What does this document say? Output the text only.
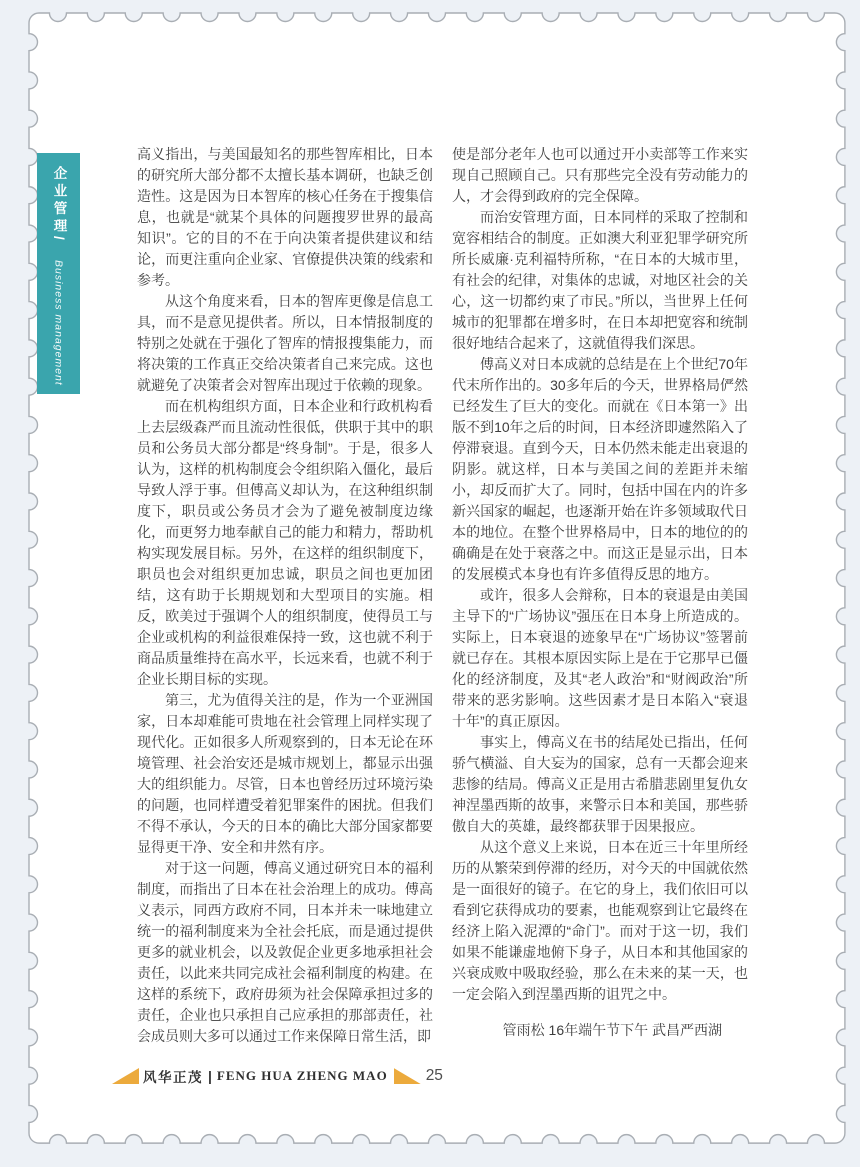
企业管理/ Business management

高义指出，与美国最知名的那些智库相比，日本的研究所大部分都不太擅长基本调研，也缺乏创造性。这是因为日本智库的核心任务在于搜集信息，也就是“就某个具体的问题搜罗世界的最高知识”。它的目的不在于向决策者提供建议和结论，而更注重向企业家、官僚提供决策的线索和参考。

从这个角度来看，日本的智库更像是信息工具，而不是意见提供者。所以，日本情报制度的特别之处就在于强化了智库的情报搜集能力，而将决策的工作真正交给决策者自己来完成。这也就避免了决策者会对智库出现过于依赖的现象。

而在机构组织方面，日本企业和行政机构看上去层级森严而且流动性很低，供职于其中的职员和公务员大部分都是“终身制”。于是，很多人认为，这样的机构制度会令组织陷入僵化，最后导致人浮于事。但傅高义却认为，在这种组织制度下，职员或公务员才会为了避免被制度边缘化，而更努力地奉献自己的能力和精力，帮助机构实现发展目标。另外，在这样的组织制度下，职员也会对组织更加忠诚，职员之间也更加团结，这有助于长期规划和大型项目的实施。相反，欧美过于强调个人的组织制度，使得员工与企业或机构的利益很难保持一致，这也就不利于商品质量维持在高水平，长远来看，也就不利于企业长期目标的实现。

第三，尤为值得关注的是，作为一个亚洲国家，日本却难能可贵地在社会管理上同样实现了现代化。正如很多人所观察到的，日本无论在环境管理、社会治安还是城市规划上，都显示出强大的组织能力。尽管，日本也曾经历过环境污染的问题，也同样遭受着犯罪案件的困扰。但我们不得不承认，今天的日本的确比大部分国家都要显得更干净、安全和井然有序。

对于这一问题，傅高义通过研究日本的福利制度，而指出了日本在社会治理上的成功。傅高义表示，同西方政府不同，日本并未一味地建立统一的福利制度来为全社会托底，而是通过提供更多的就业机会，以及敦促企业更多地承担社会责任，以此来共同完成社会福利制度的构建。在这样的系统下，政府毋须为社会保障承担过多的责任，企业也只承担自己应承担的那部责任，社会成员则大多可以通过工作来保障日常生活，即

使是部分老年人也可以通过开小卖部等工作来实现自己照顾自己。只有那些完全没有劳动能力的人，才会得到政府的完全保障。

而治安管理方面，日本同样的采取了控制和宽容相结合的制度。正如澳大利亚犯罪学研究所所长威廉·克利福特所称，“在日本的大城市里，有社会的纪律，对集体的忠诚，对地区社会的关心，这一切都约束了市民。”所以，当世界上任何城市的犯罪都在增多时，在日本却把宽容和统制很好地结合起来了，这就值得我们深思。

傅高义对日本成就的总结是在上个世纪70年代末所作出的。30多年后的今天，世界格局俨然已经发生了巨大的变化。而就在《日本第一》出版不到10年之后的时间，日本经济即遽然陷入了停滞衰退。直到今天，日本仍然未能走出衰退的阴影。就这样，日本与美国之间的差距并未缩小，却反而扩大了。同时，包括中国在内的许多新兴国家的崛起，也逐渐开始在许多领域取代日本的地位。在整个世界格局中，日本的地位的的确确是在处于衰落之中。而这正是显示出，日本的发展模式本身也有许多值得反思的地方。

或许，很多人会辩称，日本的衰退是由美国主导下的“广场协议”强压在日本身上所造成的。实际上，日本衰退的迹象早在“广场协议”签署前就已存在。其根本原因实际上是在于它那早已僵化的经济制度，及其“老人政治”和“财阀政治”所带来的恶劣影响。这些因素才是日本陷入“衰退十年”的真正原因。

事实上，傅高义在书的结尾处已指出，任何骄气横溢、自大妄为的国家，总有一天都会迎来悲惨的结局。傅高义正是用古希腊悲剧里复仇女神涅墨西斯的故事，来警示日本和美国，那些骄傲自大的英雄，最终都获罪于因果报应。

从这个意义上来说，日本在近三十年里所经历的从繁荣到停滞的经历，对今天的中国就依然是一面很好的镜子。在它的身上，我们依旧可以看到它获得成功的要素，也能观察到让它最终在经济上陷入泥潭的“命门”。而对于这一切，我们如果不能谦虚地俯下身子，从日本和其他国家的兴衰成败中吸取经验，那么在未来的某一天，也一定会陷入到涅墨西斯的诅咒之中。

管雨松 16年端午节下午 武昌严西湖
风华正茂 | FENG HUA ZHENG MAO 25
